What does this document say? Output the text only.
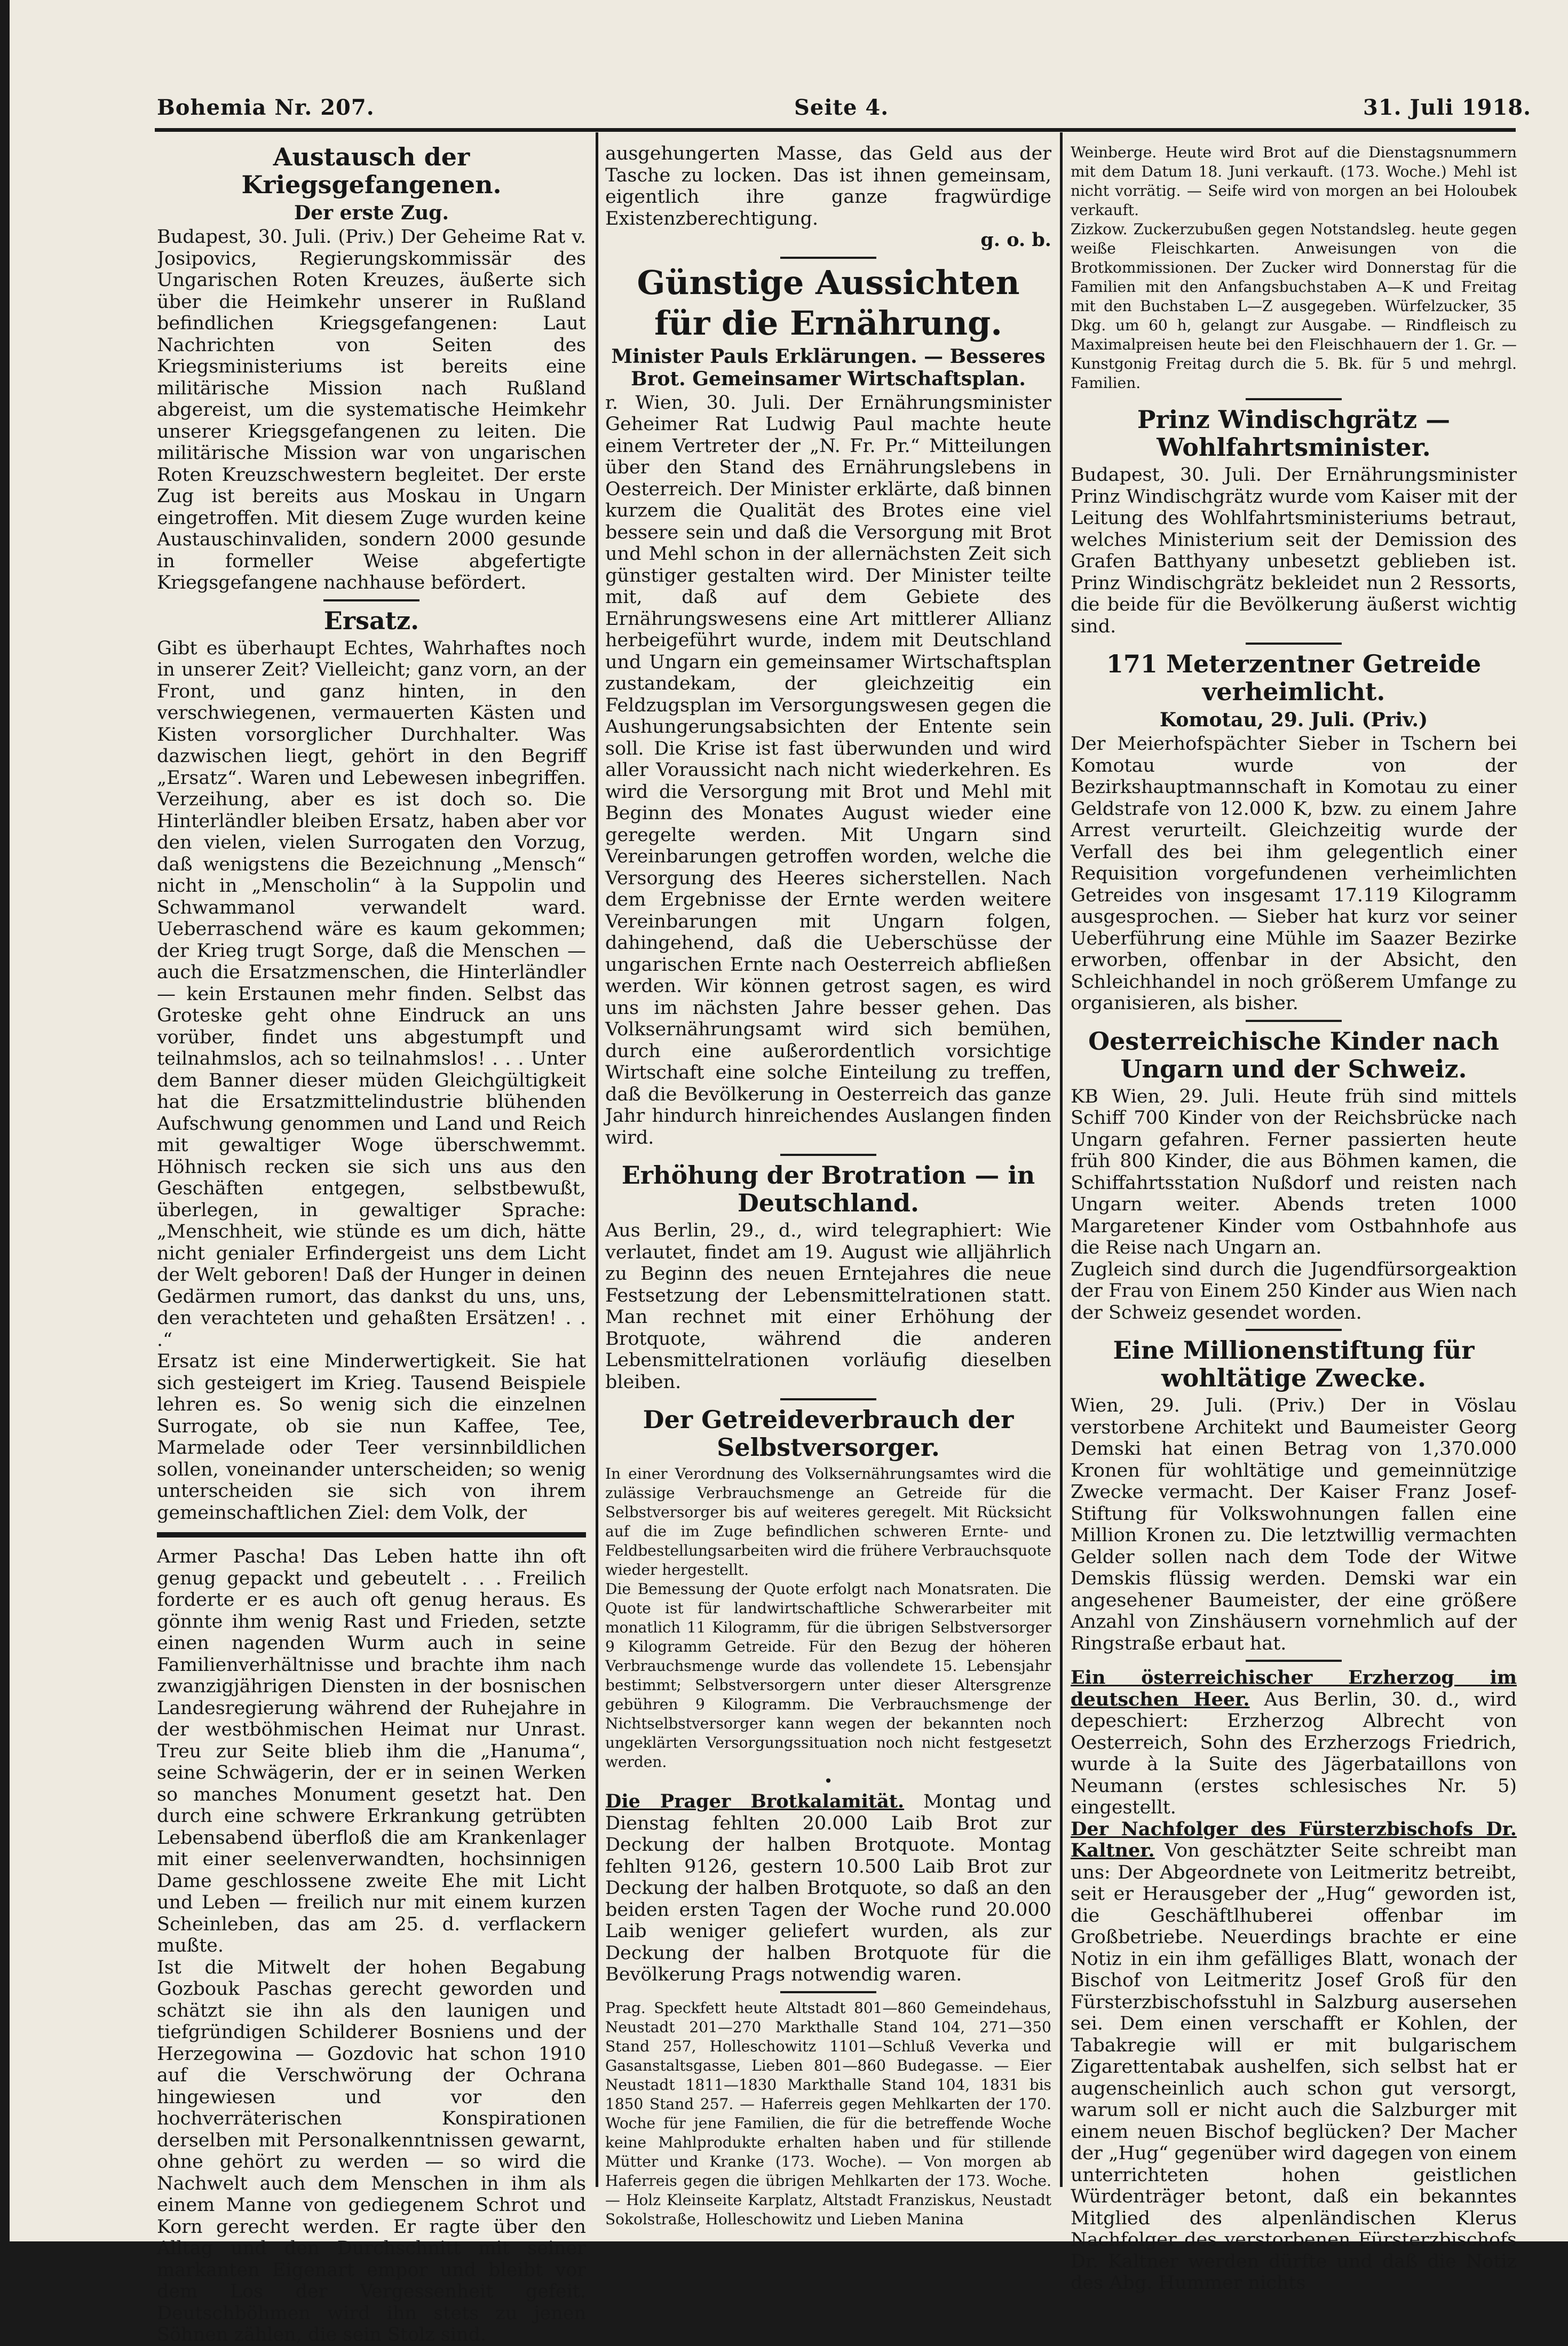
Bohemia Nr. 207.	Seite 4.	31. Juli 1918.
Austausch der Kriegsgefangenen.
Der erste Zug.

Budapest, 30. Juli. (Priv.) Der Geheime Rat v. Josipovics, Regierungskommissär des Ungarischen Roten Kreuzes, äußerte sich über die Heimkehr unserer in Rußland befindlichen Kriegsgefangenen: Laut Nachrichten von Seiten des Kriegsministeriums ist bereits eine militärische Mission nach Rußland abgereist, um die systematische Heimkehr unserer Kriegsgefangenen zu leiten. Die militärische Mission war von ungarischen Roten Kreuzschwestern begleitet. Der erste Zug ist bereits aus Moskau in Ungarn eingetroffen. Mit diesem Zuge wurden keine Austauschinvaliden, sondern 2000 gesunde in formeller Weise abgefertigte Kriegsgefangene nachhause befördert.

Ersatz.

Gibt es überhaupt Echtes, Wahrhaftes noch in unserer Zeit? Vielleicht; ganz vorn, an der Front, und ganz hinten, in den verschwiegenen, vermauerten Kästen und Kisten vorsorglicher Durchhalter. Was dazwischen liegt, gehört in den Begriff „Ersatz“. Waren und Lebewesen inbegriffen. Verzeihung, aber es ist doch so. Die Hinterländler bleiben Ersatz, haben aber vor den vielen, vielen Surrogaten den Vorzug, daß wenigstens die Bezeichnung „Mensch“ nicht in „Menscholin“ à la Suppolin und Schwammanol verwandelt ward. Ueberraschend wäre es kaum gekommen; der Krieg trugt Sorge, daß die Menschen — auch die Ersatzmenschen, die Hinterländler — kein Erstaunen mehr finden. Selbst das Groteske geht ohne Eindruck an uns vorüber, findet uns abgestumpft und teilnahmslos, ach so teilnahmslos! . . . Unter dem Banner dieser müden Gleichgültigkeit hat die Ersatzmittelindustrie blühenden Aufschwung genommen und Land und Reich mit gewaltiger Woge überschwemmt. Höhnisch recken sie sich uns aus den Geschäften entgegen, selbstbewußt, überlegen, in gewaltiger Sprache: „Menschheit, wie stünde es um dich, hätte nicht genialer Erfindergeist uns dem Licht der Welt geboren! Daß der Hunger in deinen Gedärmen rumort, das dankst du uns, uns, den verachteten und gehaßten Ersätzen! . . .“

Ersatz ist eine Minderwertigkeit. Sie hat sich gesteigert im Krieg. Tausend Beispiele lehren es. So wenig sich die einzelnen Surrogate, ob sie nun Kaffee, Tee, Marmelade oder Teer versinnbildlichen sollen, voneinander unterscheiden; so wenig unterscheiden sie sich von ihrem gemeinschaftlichen Ziel: dem Volk, der

Armer Pascha! Das Leben hatte ihn oft genug gepackt und gebeutelt . . . Freilich forderte er es auch oft genug heraus. Es gönnte ihm wenig Rast und Frieden, setzte einen nagenden Wurm auch in seine Familienverhältnisse und brachte ihm nach zwanzigjährigen Diensten in der bosnischen Landesregierung während der Ruhejahre in der westböhmischen Heimat nur Unrast. Treu zur Seite blieb ihm die „Hanuma“, seine Schwägerin, der er in seinen Werken so manches Monument gesetzt hat. Den durch eine schwere Erkrankung getrübten Lebensabend überfloß die am Krankenlager mit einer seelenverwandten, hochsinnigen Dame geschlossene zweite Ehe mit Licht und Leben — freilich nur mit einem kurzen Scheinleben, das am 25. d. verflackern mußte.

Ist die Mitwelt der hohen Begabung Gozbouk Paschas gerecht geworden und schätzt sie ihn als den launigen und tiefgründigen Schilderer Bosniens und der Herzegowina — Gozdovic hat schon 1910 auf die Verschwörung der Ochrana hingewiesen und vor den hochverräterischen Konspirationen derselben mit Personalkenntnissen gewarnt, ohne gehört zu werden — so wird die Nachwelt auch dem Menschen in ihm als einem Manne von gediegenem Schrot und Korn gerecht werden. Er ragte über den Alltag und den Durchschnitt mit seiner markanten Eigenart empor und bleibt vor dem Los der Vergessenheit gefeit. Deutschböhmen wird ihn stets zu jenen Söhnen zählen, die sein Stolz sind.

ausgehungerten Masse, das Geld aus der Tasche zu locken. Das ist ihnen gemeinsam, eigentlich ihre ganze fragwürdige Existenzberechtigung.

g. o. b.
Günstige Aussichten
für die Ernährung.
Minister Pauls Erklärungen. — Besseres Brot. Gemeinsamer Wirtschaftsplan.

r. Wien, 30. Juli. Der Ernährungsminister Geheimer Rat Ludwig Paul machte heute einem Vertreter der „N. Fr. Pr.“ Mitteilungen über den Stand des Ernährungslebens in Oesterreich. Der Minister erklärte, daß binnen kurzem die Qualität des Brotes eine viel bessere sein und daß die Versorgung mit Brot und Mehl schon in der allernächsten Zeit sich günstiger gestalten wird. Der Minister teilte mit, daß auf dem Gebiete des Ernährungswesens eine Art mittlerer Allianz herbeigeführt wurde, indem mit Deutschland und Ungarn ein gemeinsamer Wirtschaftsplan zustandekam, der gleichzeitig ein Feldzugsplan im Versorgungswesen gegen die Aushungerungsabsichten der Entente sein soll. Die Krise ist fast überwunden und wird aller Voraussicht nach nicht wiederkehren. Es wird die Versorgung mit Brot und Mehl mit Beginn des Monates August wieder eine geregelte werden. Mit Ungarn sind Vereinbarungen getroffen worden, welche die Versorgung des Heeres sicherstellen. Nach dem Ergebnisse der Ernte werden weitere Vereinbarungen mit Ungarn folgen, dahingehend, daß die Ueberschüsse der ungarischen Ernte nach Oesterreich abfließen werden. Wir können getrost sagen, es wird uns im nächsten Jahre besser gehen. Das Volksernährungsamt wird sich bemühen, durch eine außerordentlich vorsichtige Wirtschaft eine solche Einteilung zu treffen, daß die Bevölkerung in Oesterreich das ganze Jahr hindurch hinreichendes Auslangen finden wird.

Erhöhung der Brotration — in Deutschland.

Aus Berlin, 29., d., wird telegraphiert: Wie verlautet, findet am 19. August wie alljährlich zu Beginn des neuen Erntejahres die neue Festsetzung der Lebensmittelrationen statt. Man rechnet mit einer Erhöhung der Brotquote, während die anderen Lebensmittelrationen vorläufig dieselben bleiben.

Der Getreideverbrauch der Selbstversorger.

In einer Verordnung des Volksernährungsamtes wird die zulässige Verbrauchsmenge an Getreide für die Selbstversorger bis auf weiteres geregelt. Mit Rücksicht auf die im Zuge befindlichen schweren Ernte- und Feldbestellungsarbeiten wird die frühere Verbrauchsquote wieder hergestellt.

Die Bemessung der Quote erfolgt nach Monatsraten. Die Quote ist für landwirtschaftliche Schwerarbeiter mit monatlich 11 Kilogramm, für die übrigen Selbstversorger 9 Kilogramm Getreide. Für den Bezug der höheren Verbrauchsmenge wurde das vollendete 15. Lebensjahr bestimmt; Selbstversorgern unter dieser Altersgrenze gebühren 9 Kilogramm. Die Verbrauchsmenge der Nichtselbstversorger kann wegen der bekannten noch ungeklärten Versorgungssituation noch nicht festgesetzt werden.

•

Die Prager Brotkalamität. Montag und Dienstag fehlten 20.000 Laib Brot zur Deckung der halben Brotquote. Montag fehlten 9126, gestern 10.500 Laib Brot zur Deckung der halben Brotquote, so daß an den beiden ersten Tagen der Woche rund 20.000 Laib weniger geliefert wurden, als zur Deckung der halben Brotquote für die Bevölkerung Prags notwendig waren.

Prag. Speckfett heute Altstadt 801—860 Gemeindehaus, Neustadt 201—270 Markthalle Stand 104, 271—350 Stand 257, Holleschowitz 1101—Schluß Veverka und Gasanstaltsgasse, Lieben 801—860 Budegasse. — Eier Neustadt 1811—1830 Markthalle Stand 104, 1831 bis 1850 Stand 257. — Haferreis gegen Mehlkarten der 170. Woche für jene Familien, die für die betreffende Woche keine Mahlprodukte erhalten haben und für stillende Mütter und Kranke (173. Woche). — Von morgen ab Haferreis gegen die übrigen Mehlkarten der 173. Woche. — Holz Kleinseite Karplatz, Altstadt Franziskus, Neustadt Sokolstraße, Holleschowitz und Lieben Manina

Weinberge. Heute wird Brot auf die Dienstagsnummern mit dem Datum 18. Juni verkauft. (173. Woche.) Mehl ist nicht vorrätig. — Seife wird von morgen an bei Holoubek verkauft.

Zizkow. Zuckerzubußen gegen Notstandsleg. heute gegen weiße Fleischkarten. Anweisungen von die Brotkommissionen. Der Zucker wird Donnerstag für die Familien mit den Anfangsbuchstaben A—K und Freitag mit den Buchstaben L—Z ausgegeben. Würfelzucker, 35 Dkg. um 60 h, gelangt zur Ausgabe. — Rindfleisch zu Maximalpreisen heute bei den Fleischhauern der 1. Gr. — Kunstgonig Freitag durch die 5. Bk. für 5 und mehrgl. Familien.

Prinz Windischgrätz — Wohlfahrtsminister.

Budapest, 30. Juli. Der Ernährungsminister Prinz Windischgrätz wurde vom Kaiser mit der Leitung des Wohlfahrtsministeriums betraut, welches Ministerium seit der Demission des Grafen Batthyany unbesetzt geblieben ist. Prinz Windischgrätz bekleidet nun 2 Ressorts, die beide für die Bevölkerung äußerst wichtig sind.

171 Meterzentner Getreide verheimlicht.
Komotau, 29. Juli. (Priv.)

Der Meierhofspächter Sieber in Tschern bei Komotau wurde von der Bezirkshauptmannschaft in Komotau zu einer Geldstrafe von 12.000 K, bzw. zu einem Jahre Arrest verurteilt. Gleichzeitig wurde der Verfall des bei ihm gelegentlich einer Requisition vorgefundenen verheimlichten Getreides von insgesamt 17.119 Kilogramm ausgesprochen. — Sieber hat kurz vor seiner Ueberführung eine Mühle im Saazer Bezirke erworben, offenbar in der Absicht, den Schleichhandel in noch größerem Umfange zu organisieren, als bisher.

Oesterreichische Kinder nach Ungarn und der Schweiz.

KB Wien, 29. Juli. Heute früh sind mittels Schiff 700 Kinder von der Reichsbrücke nach Ungarn gefahren. Ferner passierten heute früh 800 Kinder, die aus Böhmen kamen, die Schiffahrtsstation Nußdorf und reisten nach Ungarn weiter. Abends treten 1000 Margaretener Kinder vom Ostbahnhofe aus die Reise nach Ungarn an.

Zugleich sind durch die Jugendfürsorgeaktion der Frau von Einem 250 Kinder aus Wien nach der Schweiz gesendet worden.

Eine Millionenstiftung für wohltätige Zwecke.

Wien, 29. Juli. (Priv.) Der in Vöslau verstorbene Architekt und Baumeister Georg Demski hat einen Betrag von 1,370.000 Kronen für wohltätige und gemeinnützige Zwecke vermacht. Der Kaiser Franz Josef-Stiftung für Volkswohnungen fallen eine Million Kronen zu. Die letztwillig vermachten Gelder sollen nach dem Tode der Witwe Demskis flüssig werden. Demski war ein angesehener Baumeister, der eine größere Anzahl von Zinshäusern vornehmlich auf der Ringstraße erbaut hat.

Ein österreichischer Erzherzog im deutschen Heer. Aus Berlin, 30. d., wird depeschiert: Erzherzog Albrecht von Oesterreich, Sohn des Erzherzogs Friedrich, wurde à la Suite des Jägerbataillons von Neumann (erstes schlesisches Nr. 5) eingestellt.

Der Nachfolger des Fürsterzbischofs Dr. Kaltner. Von geschätzter Seite schreibt man uns: Der Abgeordnete von Leitmeritz betreibt, seit er Herausgeber der „Hug“ geworden ist, die Geschäftlhuberei offenbar im Großbetriebe. Neuerdings brachte er eine Notiz in ein ihm gefälliges Blatt, wonach der Bischof von Leitmeritz Josef Groß für den Fürsterzbischofsstuhl in Salzburg ausersehen sei. Dem einen verschafft er Kohlen, der Tabakregie will er mit bulgarischem Zigarettentabak aushelfen, sich selbst hat er augenscheinlich auch schon gut versorgt, warum soll er nicht auch die Salzburger mit einem neuen Bischof beglücken? Der Macher der „Hug“ gegenüber wird dagegen von einem unterrichteten hohen geistlichen Würdenträger betont, daß ein bekanntes Mitglied des alpenländischen Klerus Nachfolger des verstorbenen Fürsterzbischofs Dr. Kaltner werden dürfte und daß die Notiz des Abg. Hummer nichts
